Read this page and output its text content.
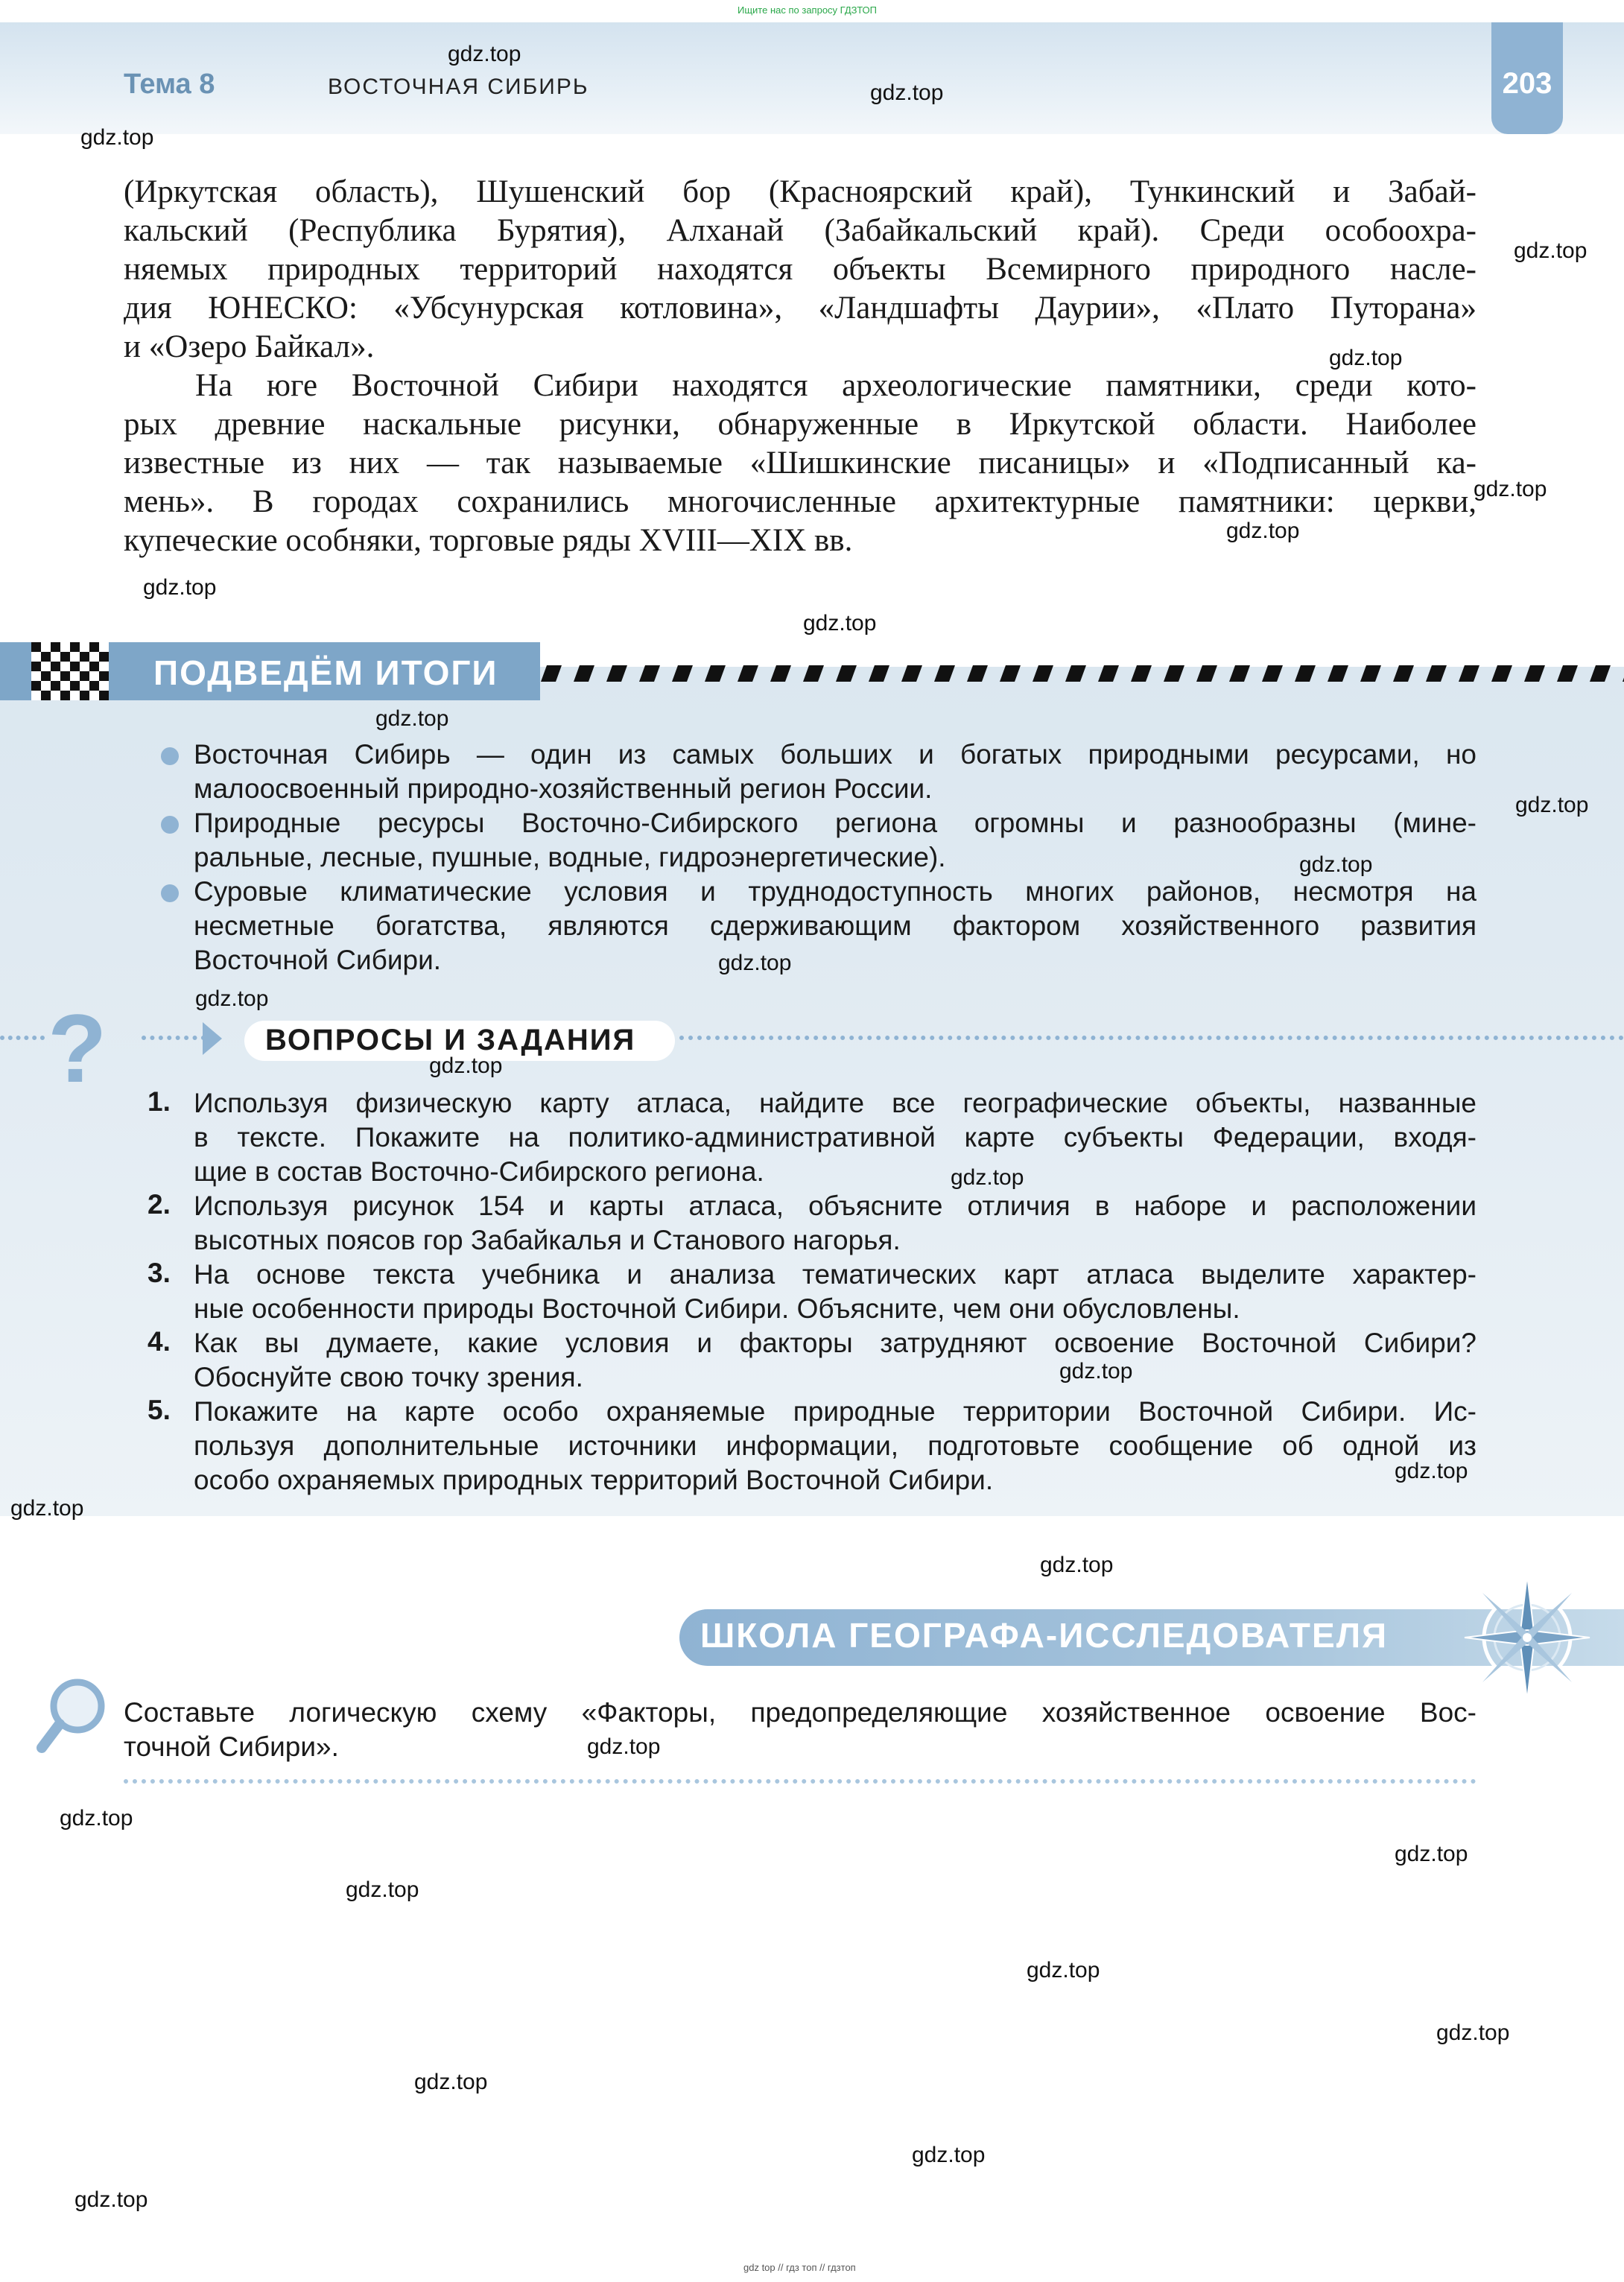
Ищите нас по запросу ГДЗТОП
gdz top // гдз топ // гдзтоп
Тема 8	ВОСТОЧНАЯ СИБИРЬ	203
(Иркутская область), Шушенский бор (Красноярский край), Тункинский и Забай-
кальский (Республика Бурятия), Алханай (Забайкальский край). Среди особоохра-
няемых природных территорий находятся объекты Всемирного природного насле-
дия ЮНЕСКО: «Убсунурская котловина», «Ландшафты Даурии», «Плато Путорана»
и «Озеро Байкал».
На юге Восточной Сибири находятся археологические памятники, среди кото-
рых древние наскальные рисунки, обнаруженные в Иркутской области. Наиболее
известные из них — так называемые «Шишкинские писаницы» и «Подписанный ка-
мень». В городах сохранились многочисленные архитектурные памятники: церкви,
купеческие особняки, торговые ряды XVIII—XIX вв.
ПОДВЕДЁМ ИТОГИ
Восточная Сибирь — один из самых больших и богатых природными ресурсами, но
малоосвоенный природно-хозяйственный регион России.
Природные ресурсы Восточно-Сибирского региона огромны и разнообразны (мине-
ральные, лесные, пушные, водные, гидроэнергетические).
Суровые климатические условия и труднодоступность многих районов, несмотря на
несметные богатства, являются сдерживающим фактором хозяйственного развития
Восточной Сибири.
?	ВОПРОСЫ И ЗАДАНИЯ
1. Используя физическую карту атласа, найдите все географические объекты, названные
в тексте. Покажите на политико-административной карте субъекты Федерации, входя-
щие в состав Восточно-Сибирского региона.
2. Используя рисунок 154 и карты атласа, объясните отличия в наборе и расположении
высотных поясов гор Забайкалья и Станового нагорья.
3. На основе текста учебника и анализа тематических карт атласа выделите характер-
ные особенности природы Восточной Сибири. Объясните, чем они обусловлены.
4. Как вы думаете, какие условия и факторы затрудняют освоение Восточной Сибири?
Обоснуйте свою точку зрения.
5. Покажите на карте особо охраняемые природные территории Восточной Сибири. Ис-
пользуя дополнительные источники информации, подготовьте сообщение об одной из
особо охраняемых природных территорий Восточной Сибири.
ШКОЛА ГЕОГРАФА-ИССЛЕДОВАТЕЛЯ
Составьте логическую схему «Факторы, предопределяющие хозяйственное освоение Вос-
точной Сибири».
gdz.top
gdz.top
gdz.top
gdz.top
gdz.top
gdz.top
gdz.top
gdz.top
gdz.top
gdz.top
gdz.top
gdz.top
gdz.top
gdz.top
gdz.top
gdz.top
gdz.top
gdz.top
gdz.top
gdz.top
gdz.top
gdz.top
gdz.top
gdz.top
gdz.top
gdz.top
gdz.top
gdz.top
gdz.top
